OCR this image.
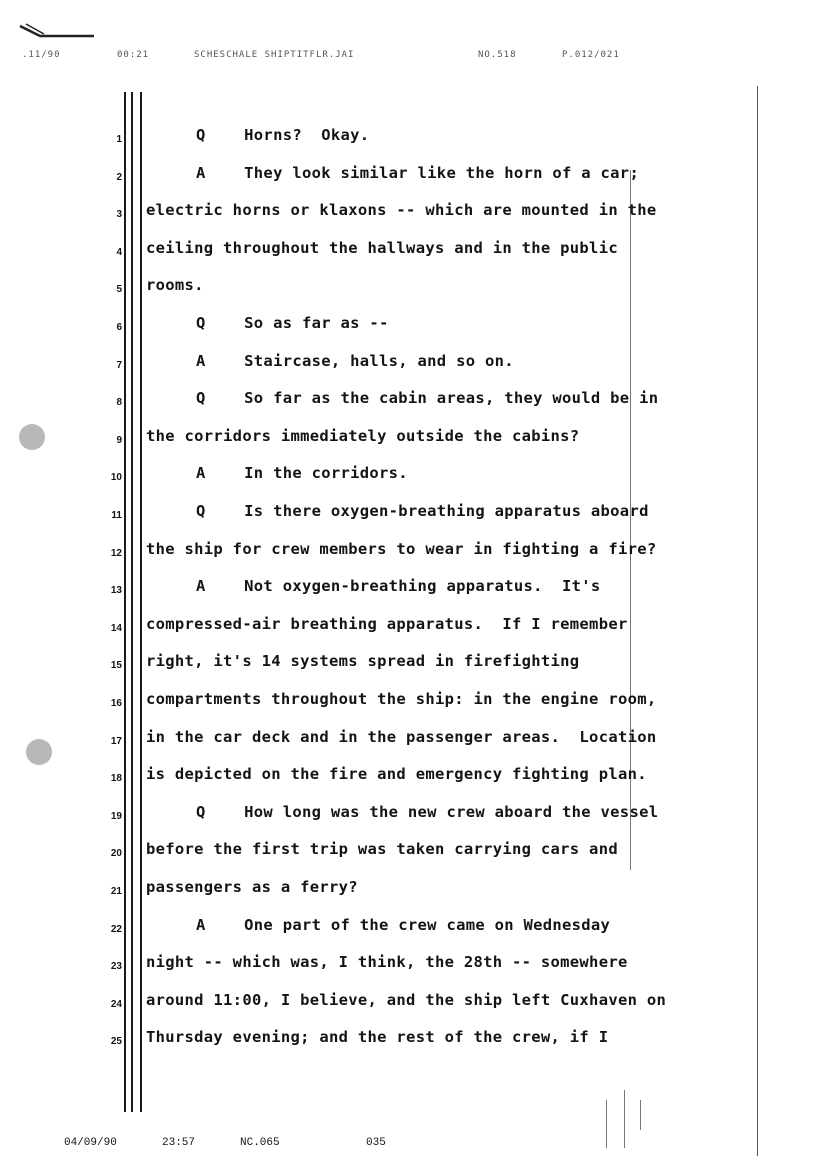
.11/90	00:21	SCHESCHALE SHIPTITFLR.JAI	NO.518	P.012/021
1	Q Horns?  Okay.
2	A They look similar like the horn of a car;
3 electric horns or klaxons -- which are mounted in the
4 ceiling throughout the hallways and in the public
5 rooms.
6	Q So as far as --
7	A Staircase, halls, and so on.
8	Q So far as the cabin areas, they would be in
9 the corridors immediately outside the cabins?
10	A In the corridors.
11	Q Is there oxygen-breathing apparatus aboard
12 the ship for crew members to wear in fighting a fire?
13	A Not oxygen-breathing apparatus.  It's
14 compressed-air breathing apparatus.  If I remember
15 right, it's 14 systems spread in firefighting
16 compartments throughout the ship: in the engine room,
17 in the car deck and in the passenger areas.  Location
18 is depicted on the fire and emergency fighting plan.
19	Q How long was the new crew aboard the vessel
20 before the first trip was taken carrying cars and
21 passengers as a ferry?
22	A One part of the crew came on Wednesday
23 night -- which was, I think, the 28th -- somewhere
24 around 11:00, I believe, and the ship left Cuxhaven on
25 Thursday evening; and the rest of the crew, if I
04/09/90	23:57	NC.065	035
